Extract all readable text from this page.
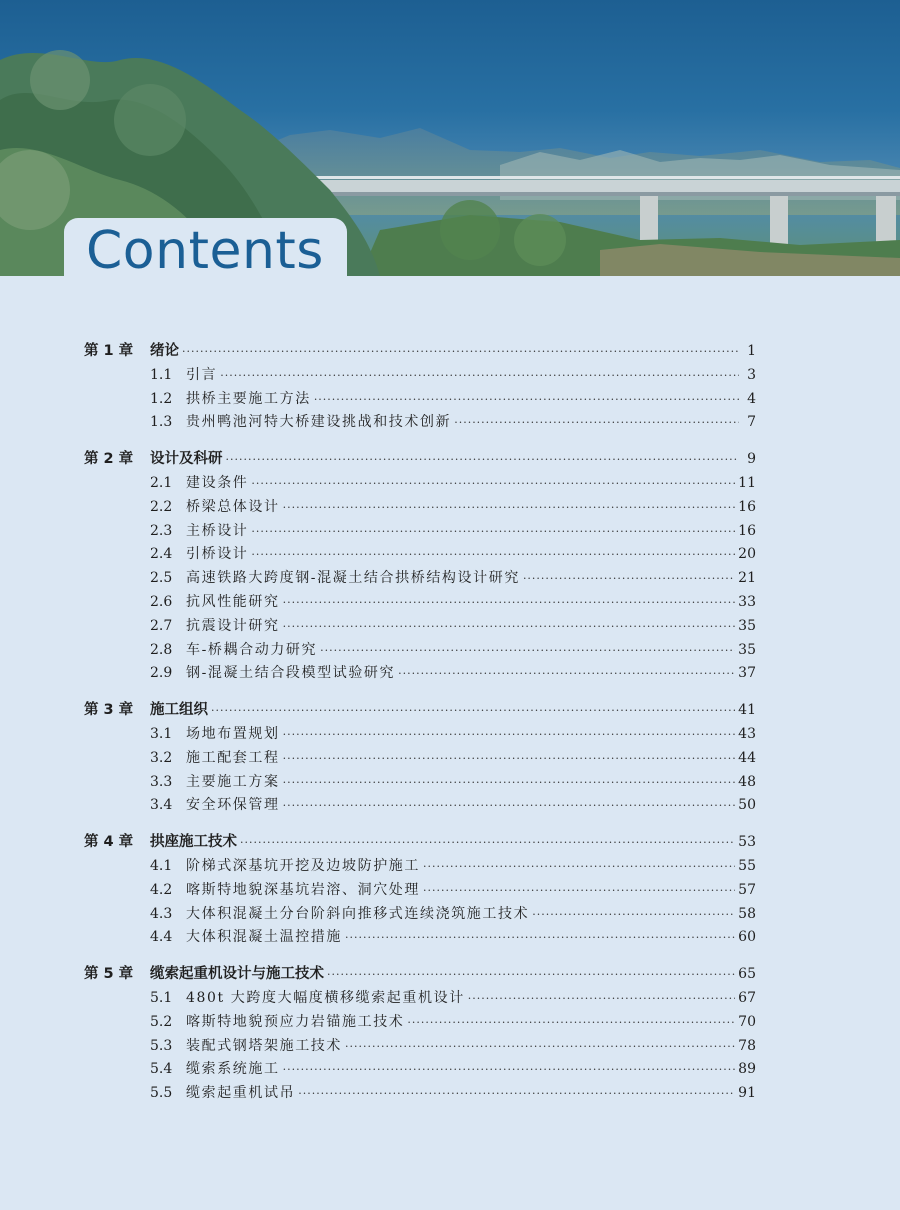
Contents
第 1 章	绪论 ·····	1
1.1 引言 ·····	3
1.2 拱桥主要施工方法 ·····	4
1.3 贵州鸭池河特大桥建设挑战和技术创新 ·····	7
第 2 章	设计及科研 ·····	9
2.1 建设条件 ·····	11
2.2 桥梁总体设计 ·····	16
2.3 主桥设计 ·····	16
2.4 引桥设计 ·····	20
2.5 高速铁路大跨度钢-混凝土结合拱桥结构设计研究 ·····	21
2.6 抗风性能研究 ·····	33
2.7 抗震设计研究 ·····	35
2.8 车-桥耦合动力研究 ·····	35
2.9 钢-混凝土结合段模型试验研究 ·····	37
第 3 章	施工组织 ·····	41
3.1 场地布置规划 ·····	43
3.2 施工配套工程 ·····	44
3.3 主要施工方案 ·····	48
3.4 安全环保管理 ·····	50
第 4 章	拱座施工技术 ·····	53
4.1 阶梯式深基坑开挖及边坡防护施工 ·····	55
4.2 喀斯特地貌深基坑岩溶、洞穴处理 ·····	57
4.3 大体积混凝土分台阶斜向推移式连续浇筑施工技术 ·····	58
4.4 大体积混凝土温控措施 ·····	60
第 5 章	缆索起重机设计与施工技术 ·····	65
5.1 480t 大跨度大幅度横移缆索起重机设计 ·····	67
5.2 喀斯特地貌预应力岩锚施工技术 ·····	70
5.3 装配式钢塔架施工技术 ·····	78
5.4 缆索系统施工 ·····	89
5.5 缆索起重机试吊 ·····	91
